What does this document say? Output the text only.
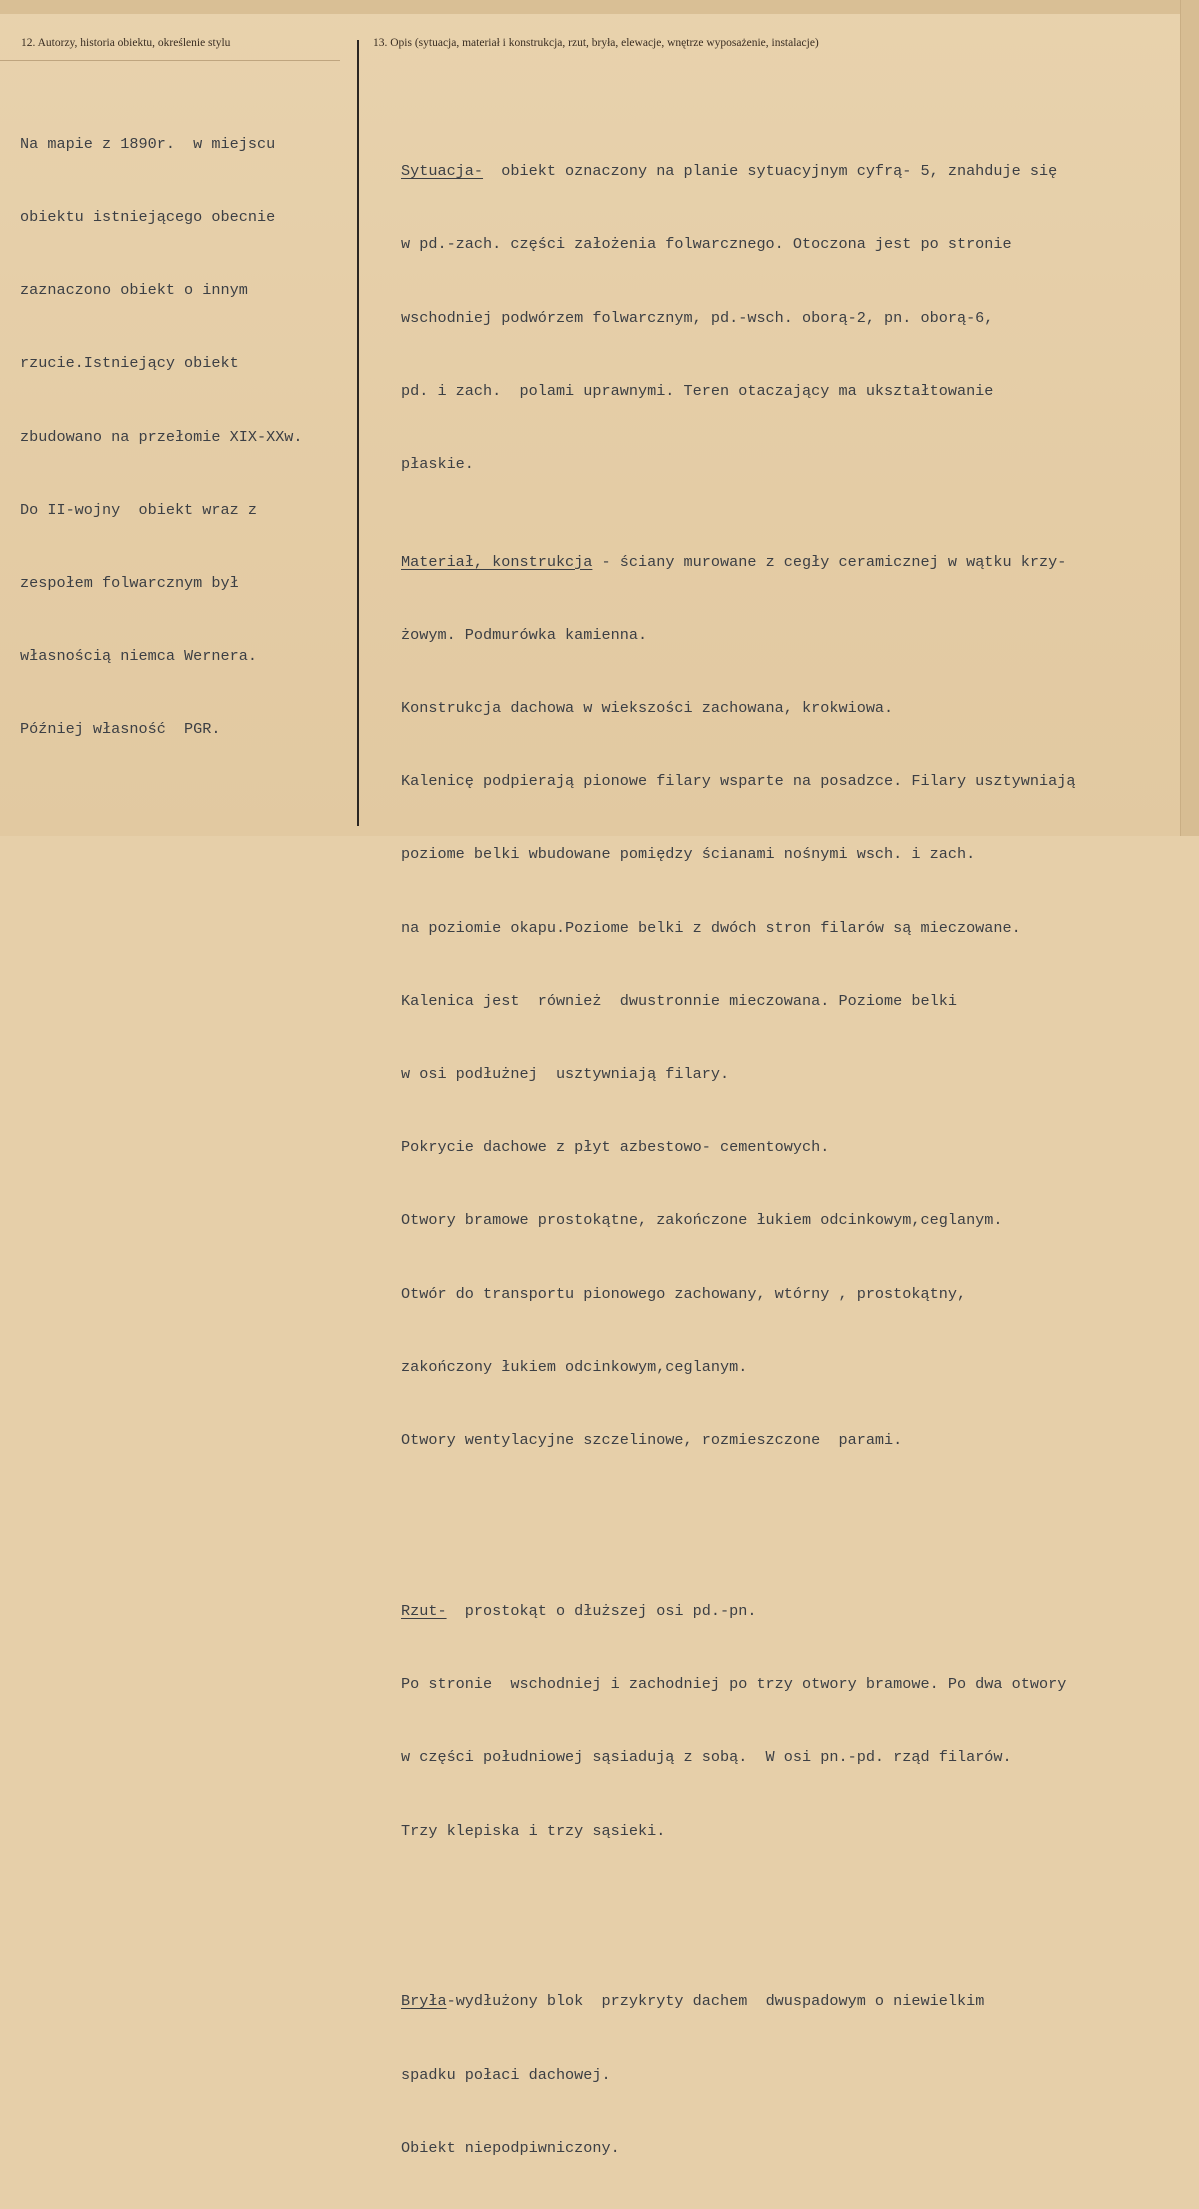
12. Autorzy, historia obiektu, określenie stylu	13. Opis (sytuacja, materiał i konstrukcja, rzut, bryła, elewacje, wnętrze wyposażenie, instalacje)

Na mapie z 1890r.  w miejscu

obiektu istniejącego obecnie

zaznaczono obiekt o innym

rzucie.Istniejący obiekt

zbudowano na przełomie XIX-XXw.

Do II-wojny  obiekt wraz z

zespołem folwarcznym był

własnością niemca Wernera.

Później własność  PGR.

Sytuacja-  obiekt oznaczony na planie sytuacyjnym cyfrą- 5, znahduje się

w pd.-zach. części założenia folwarcznego. Otoczona jest po stronie

wschodniej podwórzem folwarcznym, pd.-wsch. oborą-2, pn. oborą-6,

pd. i zach.  polami uprawnymi. Teren otaczający ma ukształtowanie

płaskie.

Materiał, konstrukcja - ściany murowane z cegły ceramicznej w wątku krzy-

żowym. Podmurówka kamienna.

Konstrukcja dachowa w wiekszości zachowana, krokwiowa.

Kalenicę podpierają pionowe filary wsparte na posadzce. Filary usztywniają

poziome belki wbudowane pomiędzy ścianami nośnymi wsch. i zach.

na poziomie okapu.Poziome belki z dwóch stron filarów są mieczowane.

Kalenica jest  również  dwustronnie mieczowana. Poziome belki

w osi podłużnej  usztywniają filary.

Pokrycie dachowe z płyt azbestowo- cementowych.

Otwory bramowe prostokątne, zakończone łukiem odcinkowym,ceglanym.

Otwór do transportu pionowego zachowany, wtórny , prostokątny,

zakończony łukiem odcinkowym,ceglanym.

Otwory wentylacyjne szczelinowe, rozmieszczone  parami.

Rzut-  prostokąt o dłuższej osi pd.-pn.

Po stronie  wschodniej i zachodniej po trzy otwory bramowe. Po dwa otwory

w części południowej sąsiadują z sobą.  W osi pn.-pd. rząd filarów.

Trzy klepiska i trzy sąsieki.

Bryła-wydłużony blok  przykryty dachem  dwuspadowym o niewielkim

spadku połaci dachowej.

Obiekt niepodpiwniczony.
